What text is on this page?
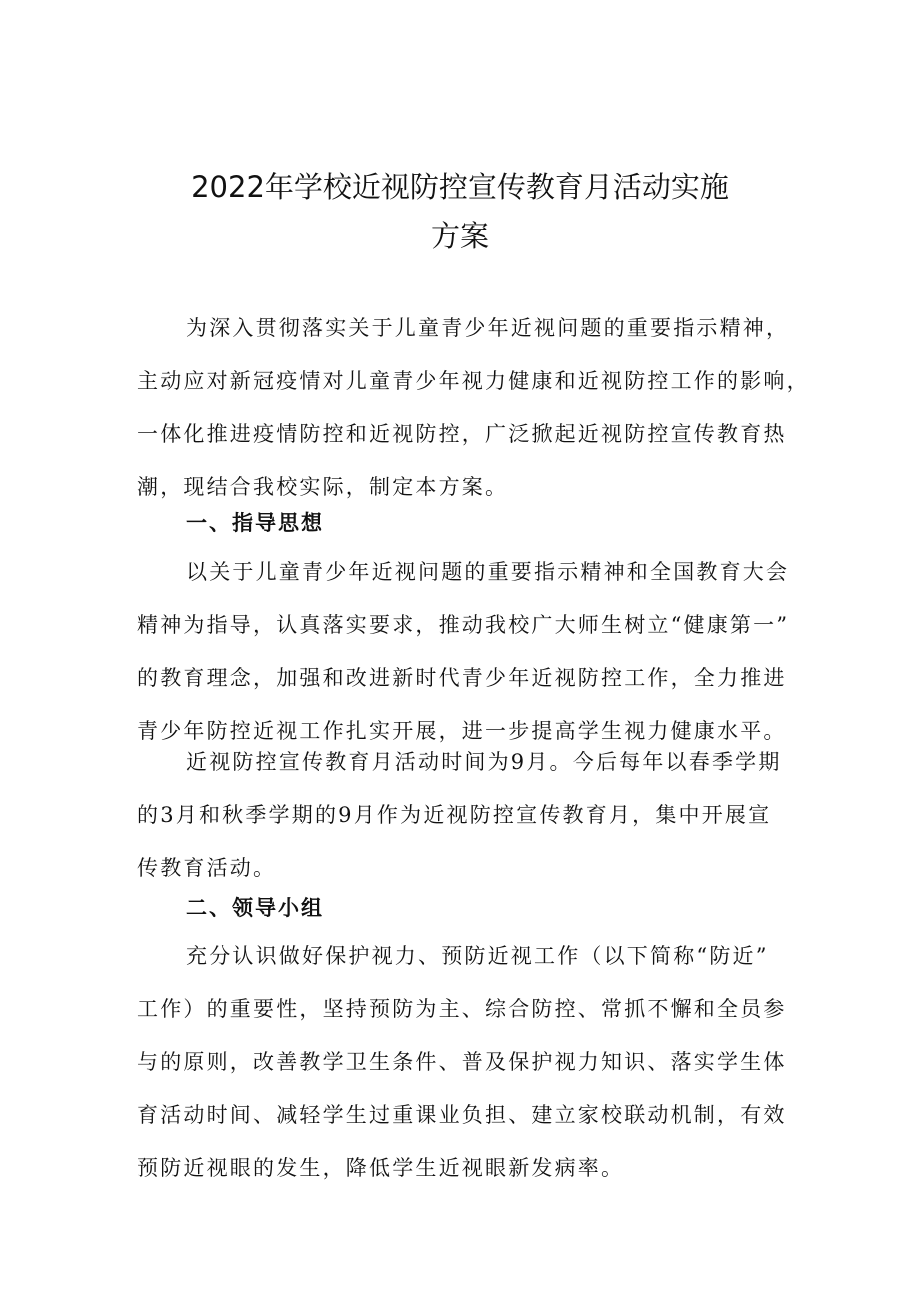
2022年学校近视防控宣传教育月活动实施
方案

为深入贯彻落实关于儿童青少年近视问题的重要指示精神，
主动应对新冠疫情对儿童青少年视力健康和近视防控工作的影响，
一体化推进疫情防控和近视防控，广泛掀起近视防控宣传教育热
潮，现结合我校实际，制定本方案。

一、指导思想

以关于儿童青少年近视问题的重要指示精神和全国教育大会
精神为指导，认真落实要求，推动我校广大师生树立“健康第一”
的教育理念，加强和改进新时代青少年近视防控工作，全力推进
青少年防控近视工作扎实开展，进一步提高学生视力健康水平。

近视防控宣传教育月活动时间为9月。今后每年以春季学期
的3月和秋季学期的9月作为近视防控宣传教育月，集中开展宣
传教育活动。

二、领导小组

充分认识做好保护视力、预防近视工作（以下简称“防近”
工作）的重要性，坚持预防为主、综合防控、常抓不懈和全员参
与的原则，改善教学卫生条件、普及保护视力知识、落实学生体
育活动时间、减轻学生过重课业负担、建立家校联动机制，有效
预防近视眼的发生，降低学生近视眼新发病率。
